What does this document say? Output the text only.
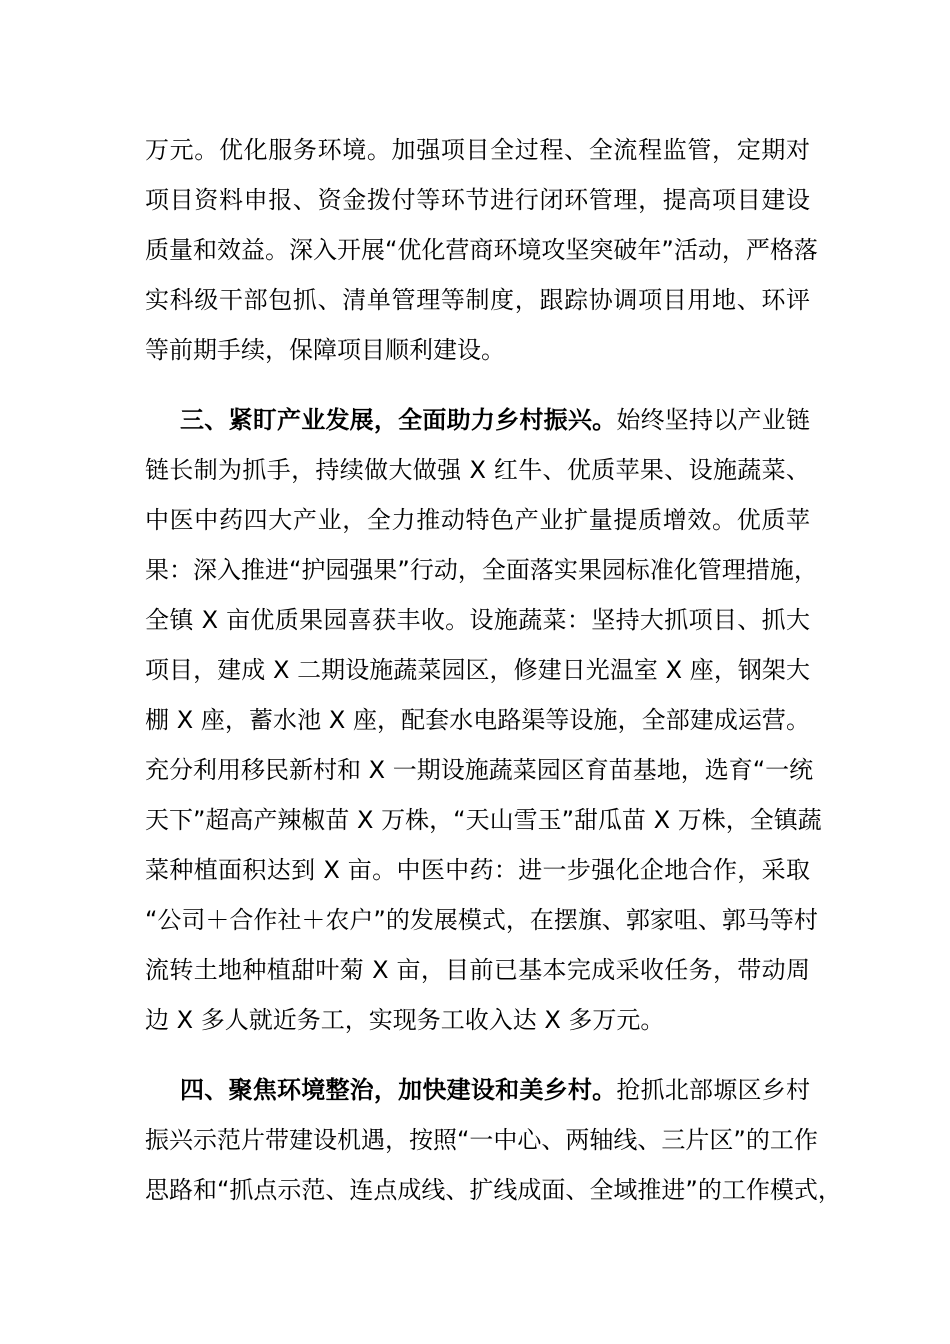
万元。优化服务环境。加强项目全过程、全流程监管，定期对
项目资料申报、资金拨付等环节进行闭环管理，提高项目建设
质量和效益。深入开展“优化营商环境攻坚突破年”活动，严格落
实科级干部包抓、清单管理等制度，跟踪协调项目用地、环评
等前期手续，保障项目顺利建设。
三、紧盯产业发展，全面助力乡村振兴。始终坚持以产业链
链长制为抓手，持续做大做强 X 红牛、优质苹果、设施蔬菜、
中医中药四大产业，全力推动特色产业扩量提质增效。优质苹
果：深入推进“护园强果”行动，全面落实果园标准化管理措施，
全镇 X 亩优质果园喜获丰收。设施蔬菜：坚持大抓项目、抓大
项目，建成 X 二期设施蔬菜园区，修建日光温室 X 座，钢架大
棚 X 座，蓄水池 X 座，配套水电路渠等设施，全部建成运营。
充分利用移民新村和 X 一期设施蔬菜园区育苗基地，选育“一统
天下”超高产辣椒苗 X 万株，“天山雪玉”甜瓜苗 X 万株，全镇蔬
菜种植面积达到 X 亩。中医中药：进一步强化企地合作，采取
“公司＋合作社＋农户”的发展模式，在摆旗、郭家咀、郭马等村
流转土地种植甜叶菊 X 亩，目前已基本完成采收任务，带动周
边 X 多人就近务工，实现务工收入达 X 多万元。
四、聚焦环境整治，加快建设和美乡村。抢抓北部塬区乡村
振兴示范片带建设机遇，按照“一中心、两轴线、三片区”的工作
思路和“抓点示范、连点成线、扩线成面、全域推进”的工作模式，
